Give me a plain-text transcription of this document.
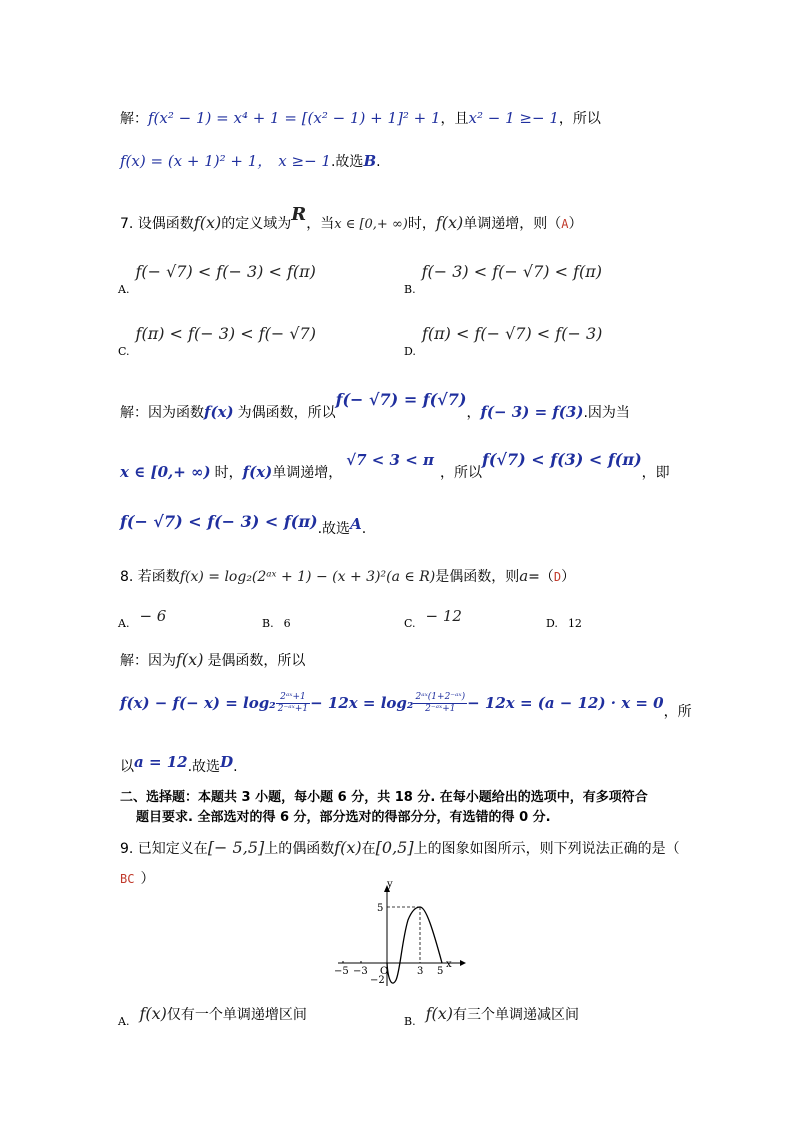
解：f(x² − 1) = x⁴ + 1 = [(x² − 1) + 1]² + 1，且x² − 1 ≥− 1，所以
f(x) = (x + 1)² + 1， x ≥− 1.故选B.
7. 设偶函数f(x)的定义域为R，当x ∈ [0,+ ∞)时，f(x)单调递增，则（A）
$_{A.}$f(− √7) < f(− 3) < f(π)
$_{B.}$f(− 3) < f(− √7) < f(π)
$_{C.}$f(π) < f(− 3) < f(− √7)
$_{D.}$f(π) < f(− √7) < f(− 3)
解：因为函数f(x) 为偶函数，所以f(− √7) = f(√7)，f(− 3) = f(3).因为当
x ∈ [0,+ ∞) 时，f(x)单调递增，√7 < 3 < π，所以f(√7) < f(3) < f(π)，即
f(− √7) < f(− 3) < f(π).故选A.
8. 若函数f(x) = log₂(2ᵃˣ + 1) − (x + 3)²(a ∈ R)是偶函数，则a=（D）
$_{A.}$ − 6	B. 6	$_{C.}$ − 12	D. 12
解：因为f(x) 是偶函数，所以
$f(x) - f(- x) = \log_2 \frac{\text{2ᵃˣ+1}}{\text{2⁻ᵃˣ+1}} - 12x = \log_2 \frac{\text{2ᵃˣ(1+2⁻ᵃˣ)}}{\text{2⁻ᵃˣ+1}} - 12x = (a - 12) \cdot x = 0$，所
以a = 12.故选D.
二、选择题：本题共 3 小题，每小题 6 分，共 18 分. 在每小题给出的选项中，有多项符合
题目要求. 全部选对的得 6 分，部分选对的得部分分，有选错的得 0 分.
9. 已知定义在[− 5,5]上的偶函数f(x)在[0,5]上的图象如图所示，则下列说法正确的是（
BC ）	y
x
5
O
−2
−5 −3	3 5
$_{A.}$ f(x)仅有一个单调递增区间	$_{B.}$ f(x)有三个单调递减区间
